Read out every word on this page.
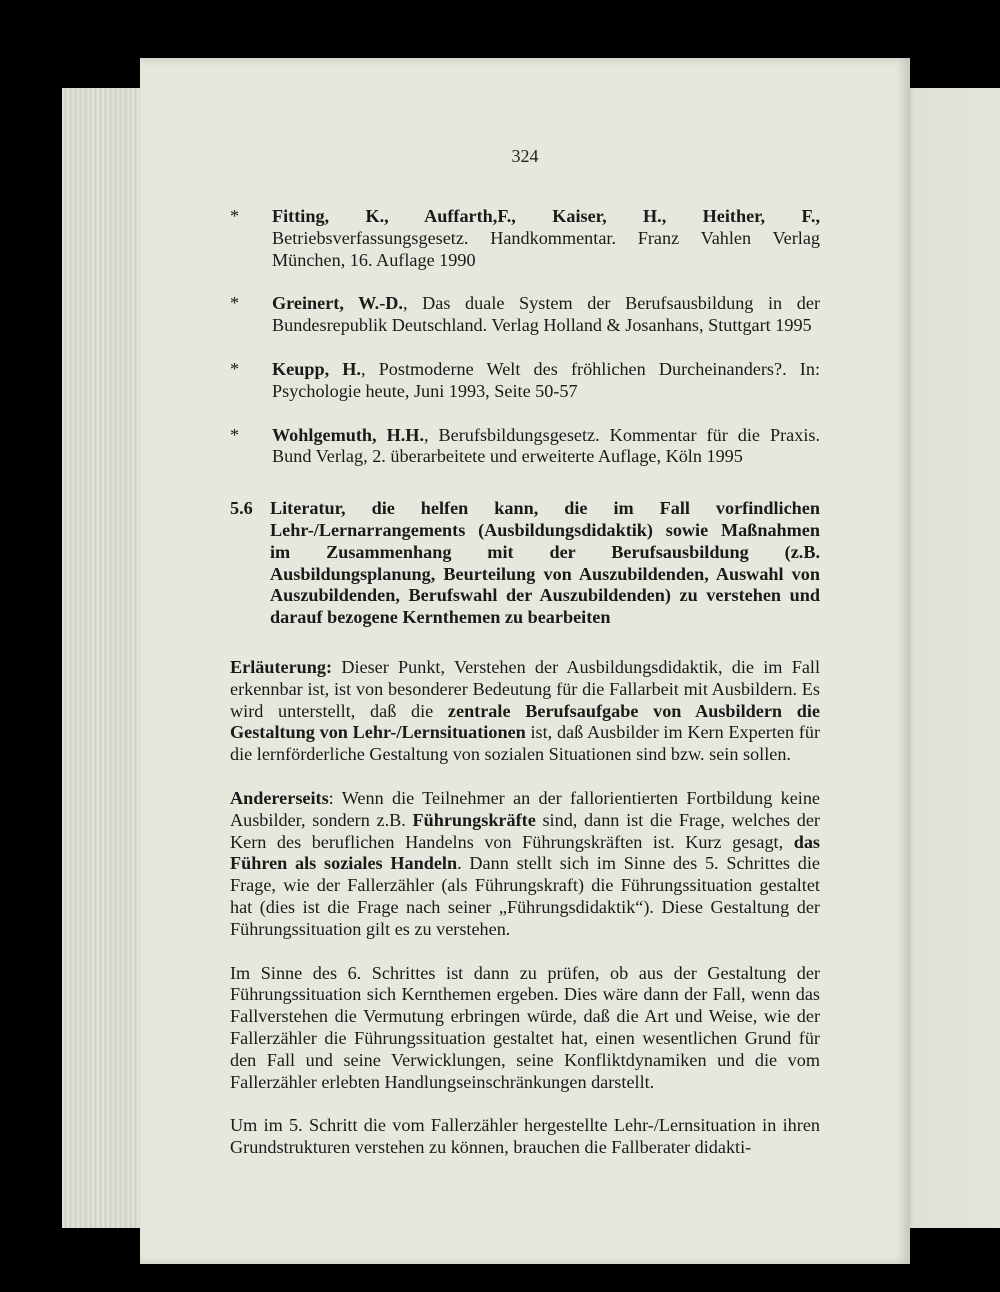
324

* Fitting, K., Auffarth,F., Kaiser, H., Heither, F., Betriebsverfassungsgesetz. Handkommentar. Franz Vahlen Verlag München, 16. Auflage 1990

* Greinert, W.-D., Das duale System der Berufsausbildung in der Bundesrepublik Deutschland. Verlag Holland & Josanhans, Stuttgart 1995

* Keupp, H., Postmoderne Welt des fröhlichen Durcheinanders?. In: Psychologie heute, Juni 1993, Seite 50-57

* Wohlgemuth, H.H., Berufsbildungsgesetz. Kommentar für die Praxis. Bund Verlag, 2. überarbeitete und erweiterte Auflage, Köln 1995

5.6 Literatur, die helfen kann, die im Fall vorfindlichen Lehr-/Lernarrangements (Ausbildungsdidaktik) sowie Maßnahmen im Zusammenhang mit der Berufsausbildung (z.B. Ausbildungsplanung, Beurteilung von Auszubildenden, Auswahl von Auszubildenden, Berufswahl der Auszubildenden) zu verstehen und darauf bezogene Kernthemen zu bearbeiten

Erläuterung: Dieser Punkt, Verstehen der Ausbildungsdidaktik, die im Fall erkennbar ist, ist von besonderer Bedeutung für die Fallarbeit mit Ausbildern. Es wird unterstellt, daß die zentrale Berufsaufgabe von Ausbildern die Gestaltung von Lehr-/Lernsituationen ist, daß Ausbilder im Kern Experten für die lernförderliche Gestaltung von sozialen Situationen sind bzw. sein sollen.

Andererseits: Wenn die Teilnehmer an der fallorientierten Fortbildung keine Ausbilder, sondern z.B. Führungskräfte sind, dann ist die Frage, welches der Kern des beruflichen Handelns von Führungskräften ist. Kurz gesagt, das Führen als soziales Handeln. Dann stellt sich im Sinne des 5. Schrittes die Frage, wie der Fallerzähler (als Führungskraft) die Führungssituation gestaltet hat (dies ist die Frage nach seiner „Führungsdidaktik“). Diese Gestaltung der Führungssituation gilt es zu verstehen.

Im Sinne des 6. Schrittes ist dann zu prüfen, ob aus der Gestaltung der Führungssituation sich Kernthemen ergeben. Dies wäre dann der Fall, wenn das Fallverstehen die Vermutung erbringen würde, daß die Art und Weise, wie der Fallerzähler die Führungssituation gestaltet hat, einen wesentlichen Grund für den Fall und seine Verwicklungen, seine Konfliktdynamiken und die vom Fallerzähler erlebten Handlungseinschränkungen darstellt.

Um im 5. Schritt die vom Fallerzähler hergestellte Lehr-/Lernsituation in ihren Grundstrukturen verstehen zu können, brauchen die Fallberater didakti-
